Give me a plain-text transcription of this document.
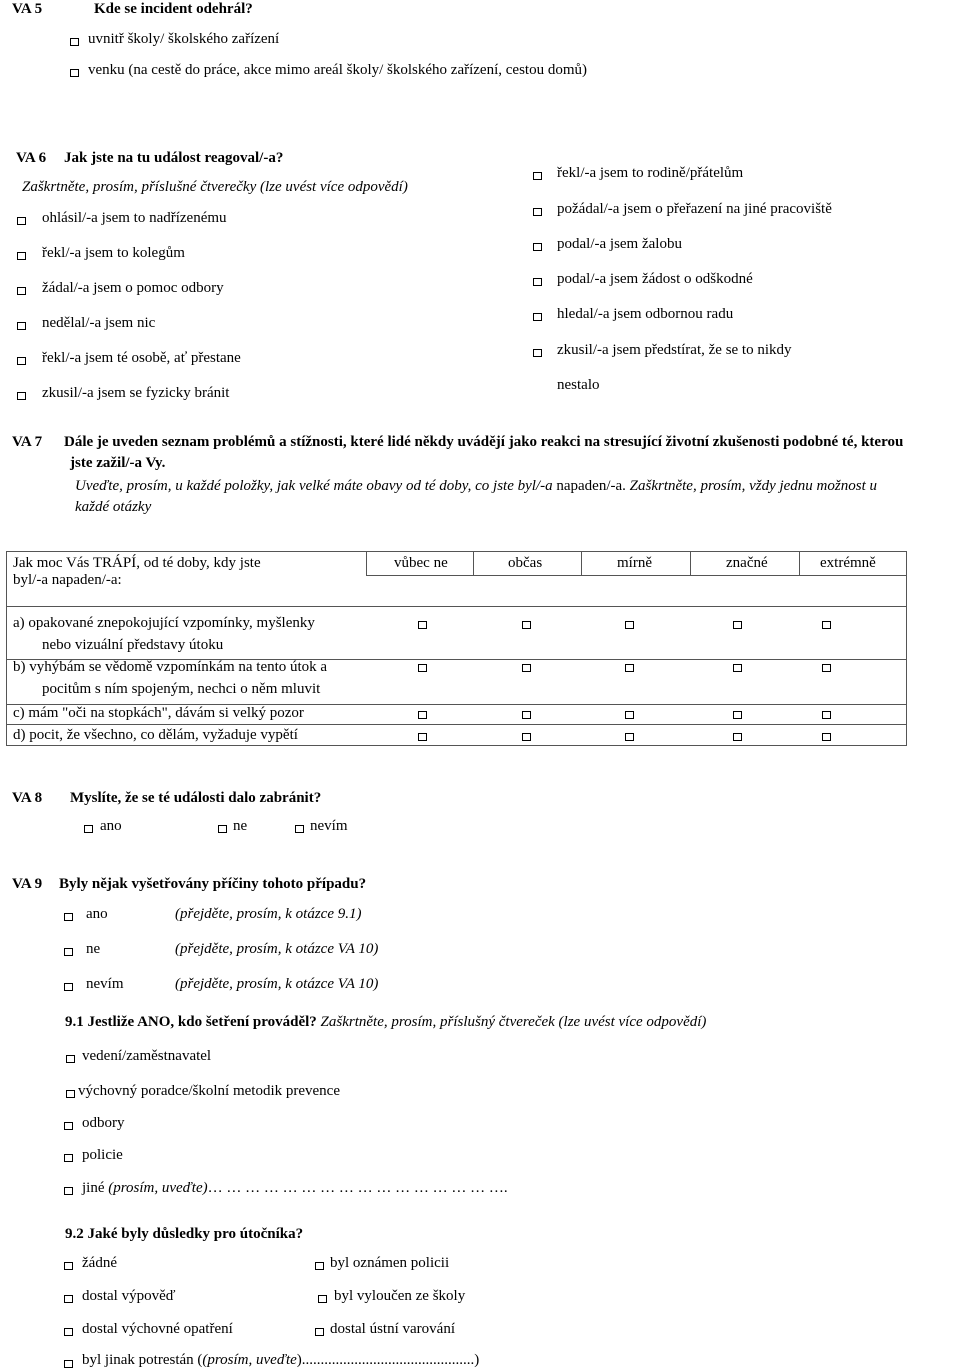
VA 5	Kde se incident odehrál?
uvnitř školy/ školského zařízení
venku (na cestě do práce, akce mimo areál školy/ školského zařízení, cestou domů)
VA 6 Jak jste na tu událost reagoval/-a?
Zaškrtněte, prosím, příslušné čtverečky (lze uvést více odpovědí)
ohlásil/-a jsem to nadřízenému
řekl/-a jsem to kolegům
žádal/-a jsem o pomoc odbory
nedělal/-a jsem nic
řekl/-a jsem té osobě, ať přestane
zkusil/-a jsem se fyzicky bránit
řekl/-a jsem to rodině/přátelům
požádal/-a jsem o přeřazení na jiné pracoviště
podal/-a jsem žalobu
podal/-a jsem žádost o odškodné
hledal/-a jsem odbornou radu
zkusil/-a jsem předstírat, že se to nikdy
nestalo
VA 7 Dále je uveden seznam problémů a stížnosti, které lidé někdy uvádějí jako reakci na stresující životní zkušenosti podobné té, kterou
jste zažil/-a Vy.
Uveďte, prosím, u každé položky, jak velké máte obavy od té doby, co jste byl/-a napaden/-a. Zaškrtněte, prosím, vždy jednu možnost u
každé otázky
Jak moc Vás TRÁPÍ, od té doby, kdy jste
byl/-a napaden/-a:
vůbec ne	občas	mírně	značné	extrémně
a) opakované znepokojující vzpomínky, myšlenky
nebo vizuální představy útoku
b) vyhýbám se vědomě vzpomínkám na tento útok a
pocitům s ním spojeným, nechci o něm mluvit
c) mám "oči na stopkách", dávám si velký pozor
d) pocit, že všechno, co dělám, vyžaduje vypětí
VA 8 Myslíte, že se té události dalo zabránit?
ano	ne	nevím
VA 9 Byly nějak vyšetřovány příčiny tohoto případu?
ano	(přejděte, prosím, k otázce 9.1)
ne	(přejděte, prosím, k otázce VA 10)
nevím	(přejděte, prosím, k otázce VA 10)
9.1 Jestliže ANO, kdo šetření prováděl? Zaškrtněte, prosím, příslušný čtvereček (lze uvést více odpovědí)
vedení/zaměstnavatel
výchovný poradce/školní metodik prevence
odbory
policie
jiné (prosím, uveďte)… … … … … … … … … … … … … … … ….
9.2 Jaké byly důsledky pro útočníka?
žádné
dostal výpověď
dostal výchovné opatření
byl oznámen policii
byl vyloučen ze školy
dostal ústní varování
byl jinak potrestán ((prosím, uveďte)..............................................)
